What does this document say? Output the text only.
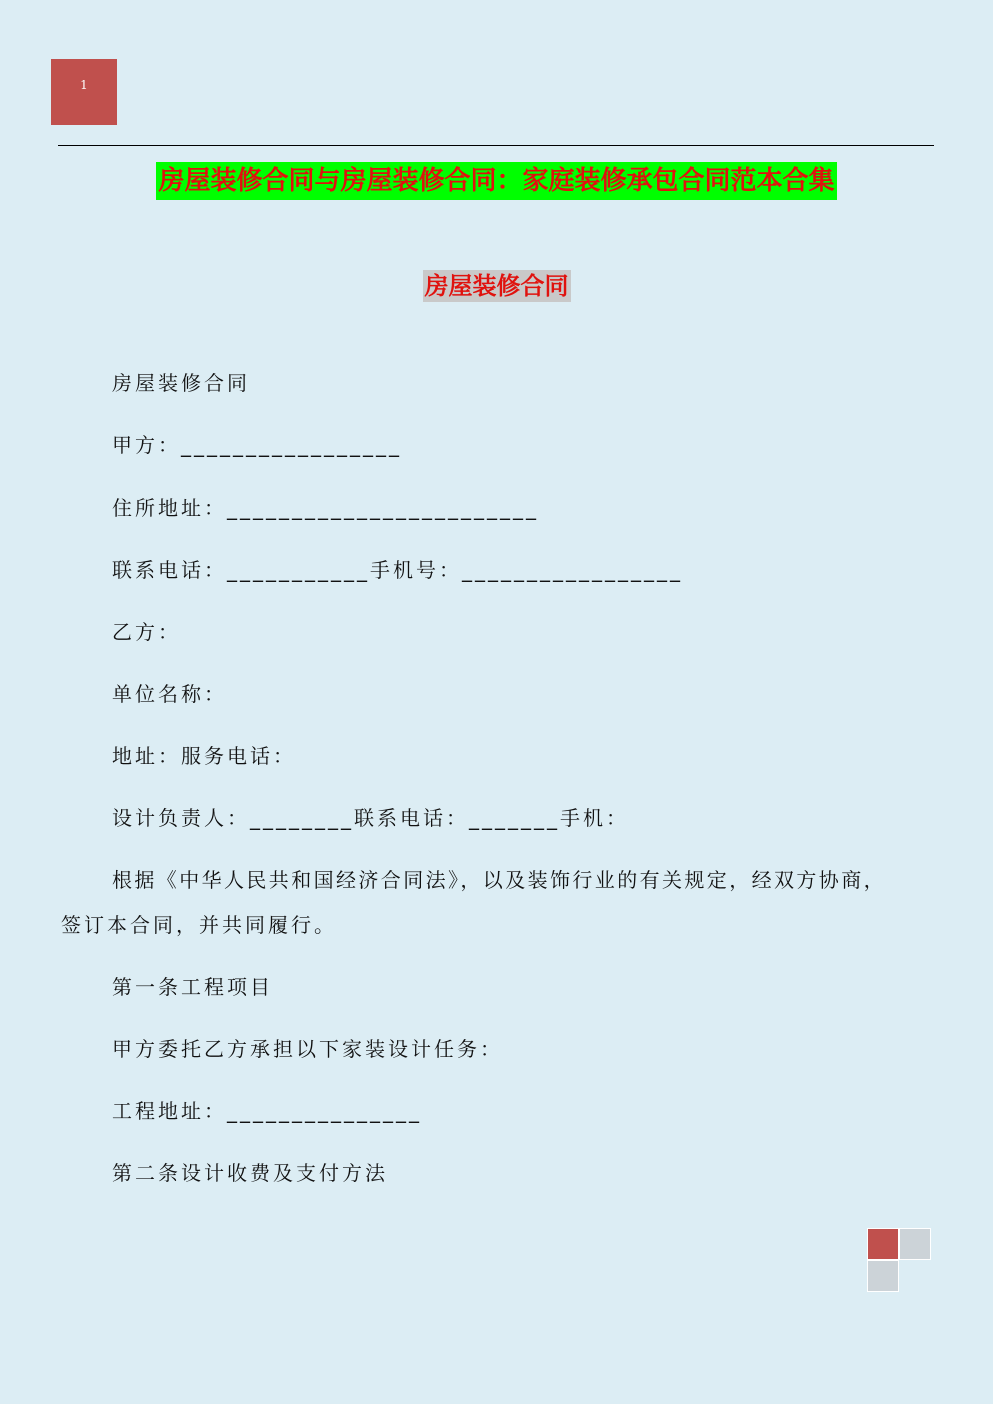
1
房屋装修合同与房屋装修合同：家庭装修承包合同范本合集
房屋装修合同
房屋装修合同
甲方：_________________
住所地址：________________________
联系电话：___________手机号：_________________
乙方：
单位名称：
地址：服务电话：
设计负责人：________联系电话：_______手机：
根据《中华人民共和国经济合同法》，以及装饰行业的有关规定，经双方协商，
签订本合同，并共同履行。
第一条工程项目
甲方委托乙方承担以下家装设计任务：
工程地址：_______________
第二条设计收费及支付方法
